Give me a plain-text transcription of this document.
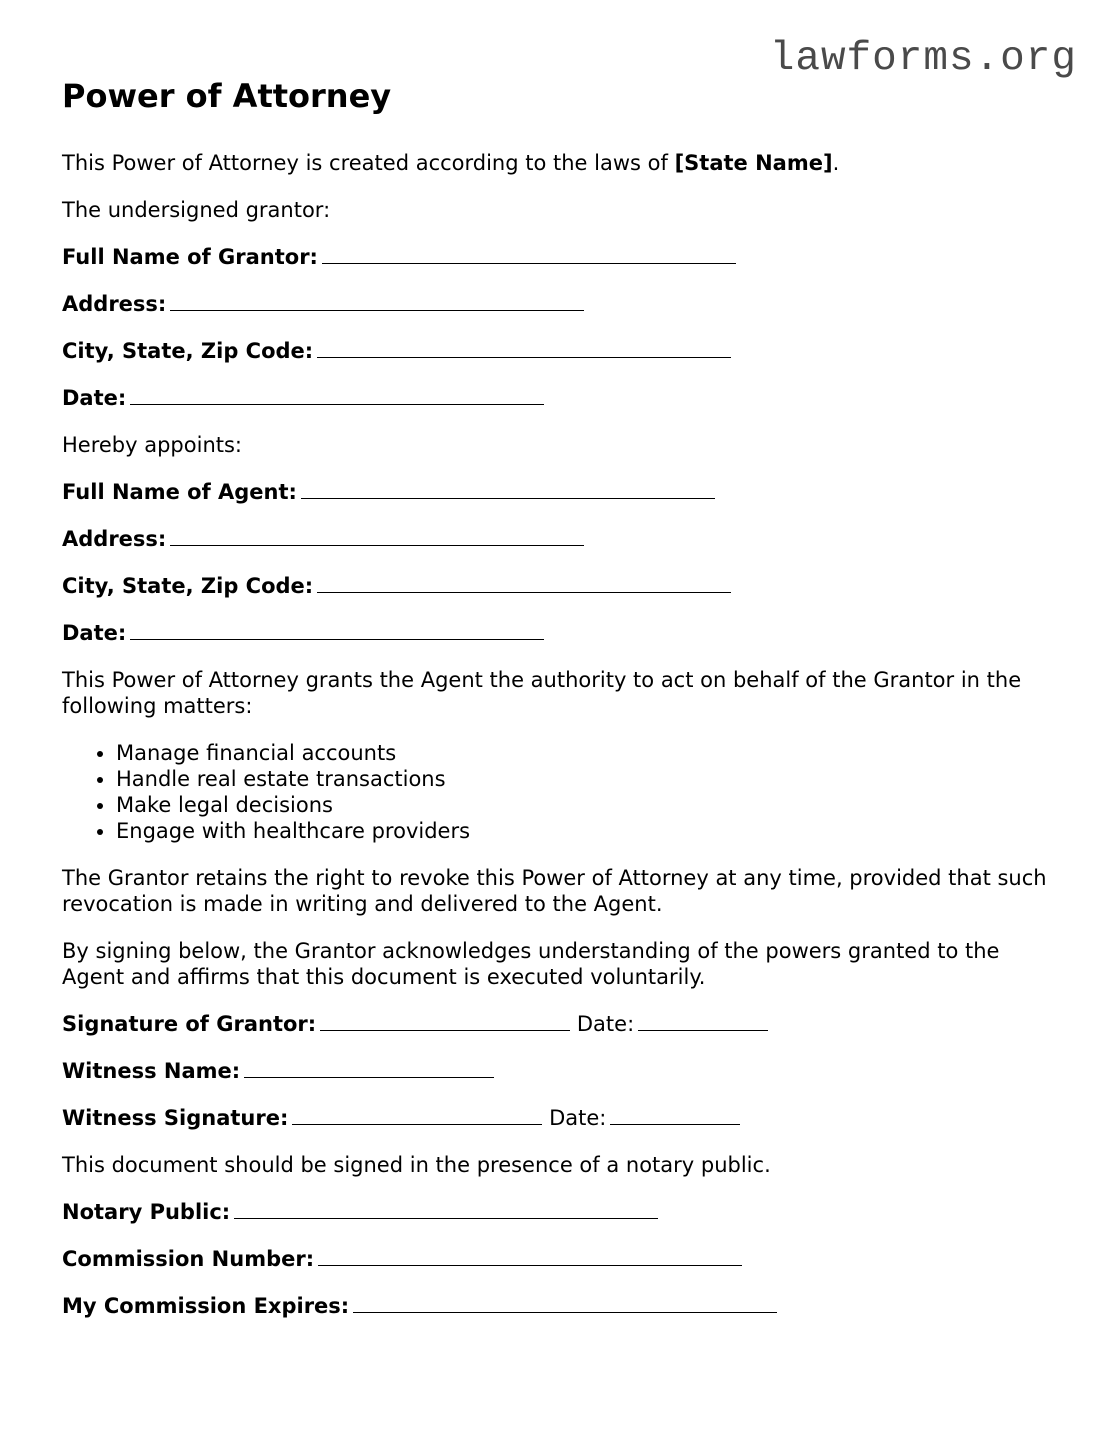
lawforms.org
Power of Attorney

This Power of Attorney is created according to the laws of [State Name].

The undersigned grantor:

Full Name of Grantor:
Address:
City, State, Zip Code:
Date:

Hereby appoints:

Full Name of Agent:
Address:
City, State, Zip Code:
Date:

This Power of Attorney grants the Agent the authority to act on behalf of the Grantor in the following matters:

• Manage financial accounts
• Handle real estate transactions
• Make legal decisions
• Engage with healthcare providers

The Grantor retains the right to revoke this Power of Attorney at any time, provided that such revocation is made in writing and delivered to the Agent.

By signing below, the Grantor acknowledges understanding of the powers granted to the Agent and affirms that this document is executed voluntarily.

Signature of Grantor:	Date:
Witness Name:
Witness Signature:	Date:

This document should be signed in the presence of a notary public.

Notary Public:
Commission Number:
My Commission Expires:
